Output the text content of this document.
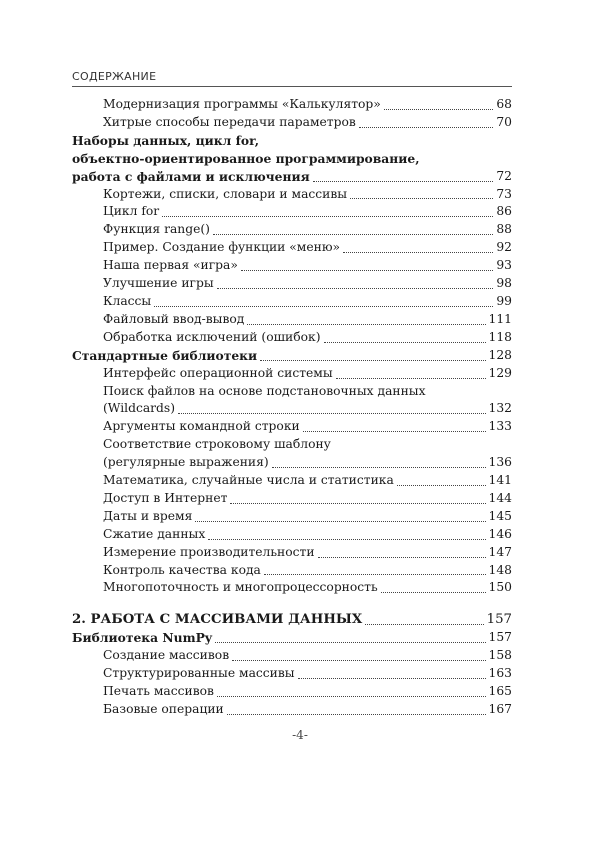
СОДЕРЖАНИЕ
Модернизация программы «Калькулятор»	68
Хитрые способы передачи параметров	70
Наборы данных, цикл for,
объектно-ориентированное программирование,
работа с файлами и исключения	72
Кортежи, списки, словари и массивы	73
Цикл for	86
Функция range()	88
Пример. Создание функции «меню»	92
Наша первая «игра»	93
Улучшение игры	98
Классы	99
Файловый ввод-вывод	111
Обработка исключений (ошибок)	118
Стандартные библиотеки	128
Интерфейс операционной системы	129
Поиск файлов на основе подстановочных данных
(Wildcards)	132
Аргументы командной строки	133
Соответствие строковому шаблону
(регулярные выражения)	136
Математика, случайные числа и статистика	141
Доступ в Интернет	144
Даты и время	145
Сжатие данных	146
Измерение производительности	147
Контроль качества кода	148
Многопоточность и многопроцессорность	150
2. РАБОТА С МАССИВАМИ ДАННЫХ	157
Библиотека NumPy	157
Создание массивов	158
Структурированные массивы	163
Печать массивов	165
Базовые операции	167
-4-
